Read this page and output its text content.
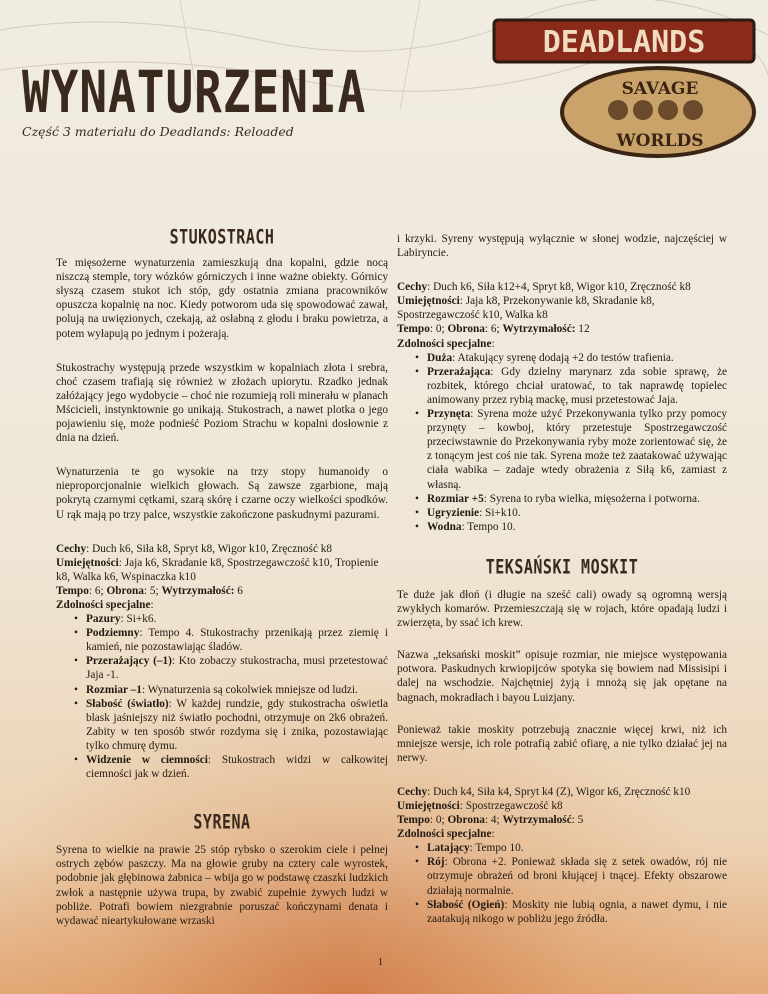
WYNATURZENIA
Część 3 materiału do Deadlands: Reloaded
DEADLANDS
SAVAGE
WORLDS
STUKOSTRACH

Te mięsożerne wynaturzenia zamieszkują dna kopalni, gdzie nocą niszczą stemple, tory wózków górniczych i inne ważne obiekty. Górnicy słyszą czasem stukot ich stóp, gdy ostatnia zmiana pracowników opuszcza kopalnię na noc. Kiedy potworom uda się spowodować zawał, polują na uwięzionych, czekają, aż osłabną z głodu i braku powietrza, a potem wyłapują po jednym i pożerają.

Stukostrachy występują przede wszystkim w kopalniach złota i srebra, choć czasem trafiają się również w złożach upiorytu. Rzadko jednak załóżający jego wydobycie – choć nie rozumieją roli minerału w planach Mścicieli, instynktownie go unikają. Stukostrach, a nawet plotka o jego pojawieniu się, może podnieść Poziom Strachu w kopalni dosłownie z dnia na dzień.

Wynaturzenia te go wysokie na trzy stopy humanoidy o nieproporcjonalnie wielkich głowach. Są zawsze zgarbione, mają pokrytą czarnymi cętkami, szarą skórę i czarne oczy wielkości spodków. U rąk mają po trzy palce, wszystkie zakończone paskudnymi pazurami.

Cechy: Duch k6, Siła k8, Spryt k8, Wigor k10, Zręczność k8
Umiejętności: Jaja k6, Skradanie k8, Spostrzegawczość k10, Tropienie k8, Walka k6, Wspinaczka k10
Tempo: 6; Obrona: 5; Wytrzymałość: 6
Zdolności specjalne:
• Pazury: Si+k6.
• Podziemny: Tempo 4. Stukostrachy przenikają przez ziemię i kamień, nie pozostawiając śladów.
• Przerażający (–1): Kto zobaczy stukostracha, musi przetestować Jaja -1.
• Rozmiar –1: Wynaturzenia są cokolwiek mniejsze od ludzi.
• Słabość (światło): W każdej rundzie, gdy stukostracha oświetla blask jaśniejszy niż światło pochodni, otrzymuje on 2k6 obrażeń. Zabity w ten sposób stwór rozdyma się i znika, pozostawiając tylko chmurę dymu.
• Widzenie w ciemności: Stukostrach widzi w całkowitej ciemności jak w dzień.
SYRENA

Syrena to wielkie na prawie 25 stóp rybsko o szerokim ciele i pełnej ostrych zębów paszczy. Ma na głowie gruby na cztery cale wyrostek, podobnie jak głębinowa żabnica – wbija go w podstawę czaszki ludzkich zwłok a następnie używa trupa, by zwabić zupełnie żywych ludzi w pobliże. Potrafi bowiem niezgrabnie poruszać kończynami denata i wydawać nieartykułowane wrzaski

i krzyki. Syreny występują wyłącznie w słonej wodzie, najczęściej w Labiryncie.

Cechy: Duch k6, Siła k12+4, Spryt k8, Wigor k10, Zręczność k8
Umiejętności: Jaja k8, Przekonywanie k8, Skradanie k8, Spostrzegawczość k10, Walka k8
Tempo: 0; Obrona: 6; Wytrzymałość: 12
Zdolności specjalne:
• Duża: Atakujący syrenę dodają +2 do testów trafienia.
• Przerażająca: Gdy dzielny marynarz zda sobie sprawę, że rozbitek, którego chciał uratować, to tak naprawdę topielec animowany przez rybią mackę, musi przetestować Jaja.
• Przynęta: Syrena może użyć Przekonywania tylko przy pomocy przynęty – kowboj, który przetestuje Spostrzegawczość przeciwstawnie do Przekonywania ryby może zorientować się, że z tonącym jest coś nie tak. Syrena może też zaatakować używając ciała wabika – zadaje wtedy obrażenia z Siłą k6, zamiast z własną.
• Rozmiar +5: Syrena to ryba wielka, mięsożerna i potworna.
• Ugryzienie: Si+k10.
• Wodna: Tempo 10.
TEKSAŃSKI MOSKIT

Te duże jak dłoń (i długie na sześć cali) owady są ogromną wersją zwykłych komarów. Przemieszczają się w rojach, które opadają ludzi i zwierzęta, by ssać ich krew.

Nazwa „teksański moskit” opisuje rozmiar, nie miejsce występowania potwora. Paskudnych krwiopijców spotyka się bowiem nad Missisipi i dalej na wschodzie. Najchętniej żyją i mnożą się jak opętane na bagnach, mokradłach i bayou Luizjany.

Ponieważ takie moskity potrzebują znacznie więcej krwi, niż ich mniejsze wersje, ich role potrafią zabić ofiarę, a nie tylko działać jej na nerwy.

Cechy: Duch k4, Siła k4, Spryt k4 (Z), Wigor k6, Zręczność k10
Umiejętności: Spostrzegawczość k8
Tempo: 0; Obrona: 4; Wytrzymałość: 5
Zdolności specjalne:
• Latający: Tempo 10.
• Rój: Obrona +2. Ponieważ składa się z setek owadów, rój nie otrzymuje obrażeń od broni kłującej i tnącej. Efekty obszarowe działają normalnie.
• Słabość (Ogień): Moskity nie lubią ognia, a nawet dymu, i nie zaatakują nikogo w pobliżu jego źródła.
1
